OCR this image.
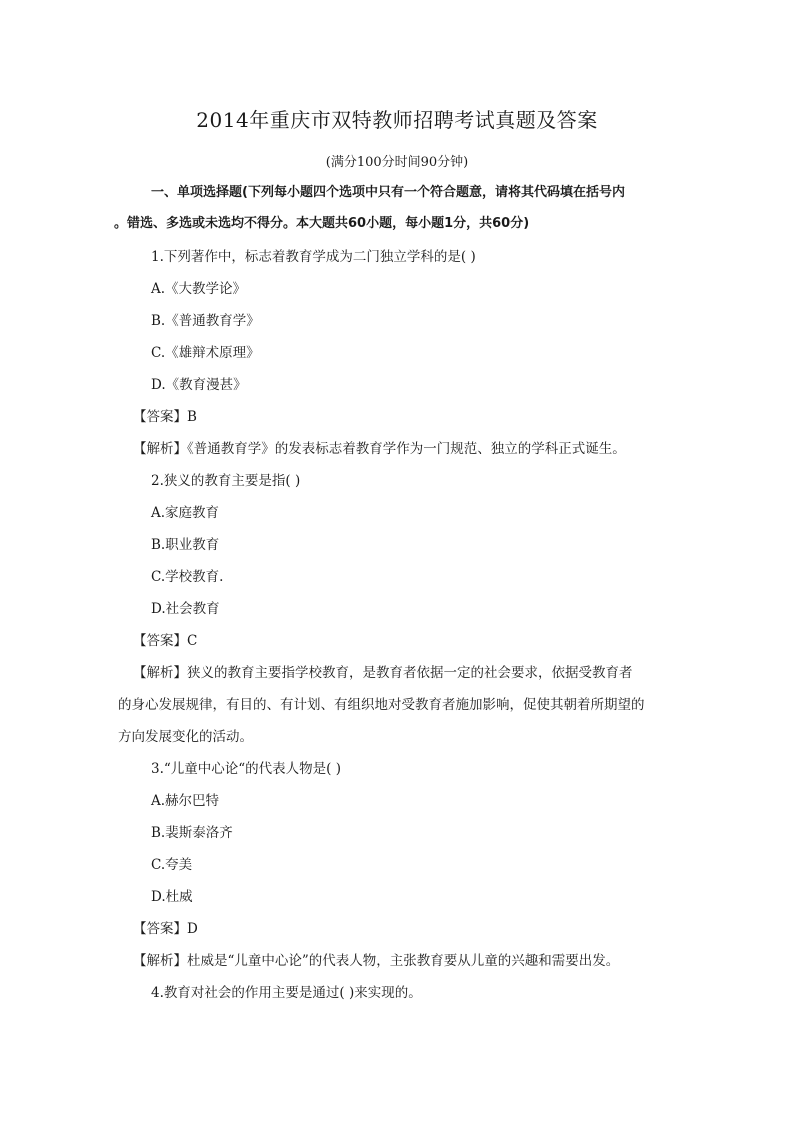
2014年重庆市双特教师招聘考试真题及答案
(满分100分时间90分钟)
一、单项选择题(下列每小题四个选项中只有一个符合题意，请将其代码填在括号内
。错选、多选或未选均不得分。本大题共60小题，每小题1分，共60分)
1.下列著作中，标志着教育学成为二门独立学科的是( )
A.《大教学论》
B.《普通教育学》
C.《雄辩术原理》
D.《教育漫甚》
【答案】B
【解析】《普通教育学》的发表标志着教育学作为一门规范、独立的学科正式诞生。
2.狭义的教育主要是指( )
A.家庭教育
B.职业教育
C.学校教育.
D.社会教育
【答案】C
【解析】狭义的教育主要指学校教育，是教育者依据一定的社会要求，依据受教育者
的身心发展规律，有目的、有计划、有组织地对受教育者施加影响，促使其朝着所期望的
方向发展变化的活动。
3.“儿童中心论“的代表人物是( )
A.赫尔巴特
B.裴斯泰洛齐
C.夸美
D.杜威
【答案】D
【解析】杜威是“儿童中心论”的代表人物，主张教育要从儿童的兴趣和需要出发。
4.教育对社会的作用主要是通过( )来实现的。
